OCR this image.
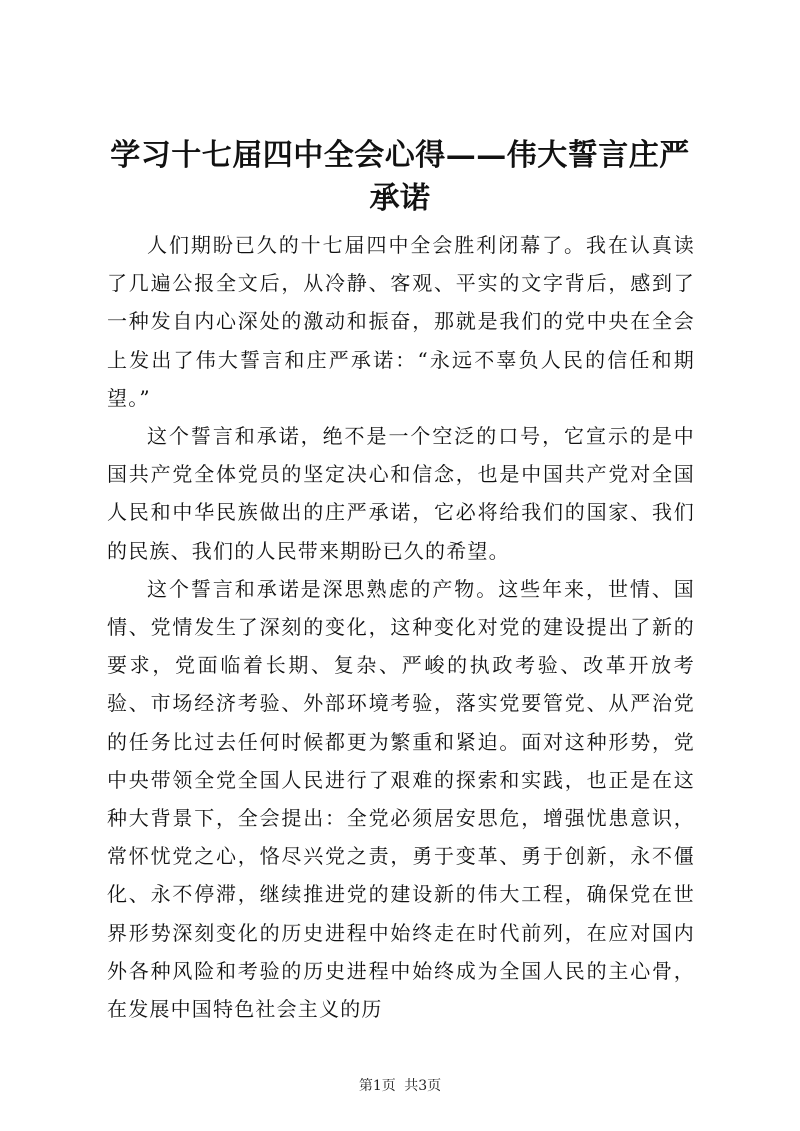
学习十七届四中全会心得——伟大誓言庄严承诺

人们期盼已久的十七届四中全会胜利闭幕了。我在认真读了几遍公报全文后，从冷静、客观、平实的文字背后，感到了一种发自内心深处的激动和振奋，那就是我们的党中央在全会上发出了伟大誓言和庄严承诺：“永远不辜负人民的信任和期望。”

这个誓言和承诺，绝不是一个空泛的口号，它宣示的是中国共产党全体党员的坚定决心和信念，也是中国共产党对全国人民和中华民族做出的庄严承诺，它必将给我们的国家、我们的民族、我们的人民带来期盼已久的希望。

这个誓言和承诺是深思熟虑的产物。这些年来，世情、国情、党情发生了深刻的变化，这种变化对党的建设提出了新的要求，党面临着长期、复杂、严峻的执政考验、改革开放考验、市场经济考验、外部环境考验，落实党要管党、从严治党的任务比过去任何时候都更为繁重和紧迫。面对这种形势，党中央带领全党全国人民进行了艰难的探索和实践，也正是在这种大背景下，全会提出：全党必须居安思危，增强忧患意识，常怀忧党之心，恪尽兴党之责，勇于变革、勇于创新，永不僵化、永不停滞，继续推进党的建设新的伟大工程，确保党在世界形势深刻变化的历史进程中始终走在时代前列，在应对国内外各种风险和考验的历史进程中始终成为全国人民的主心骨，在发展中国特色社会主义的历

第1页 共3页
